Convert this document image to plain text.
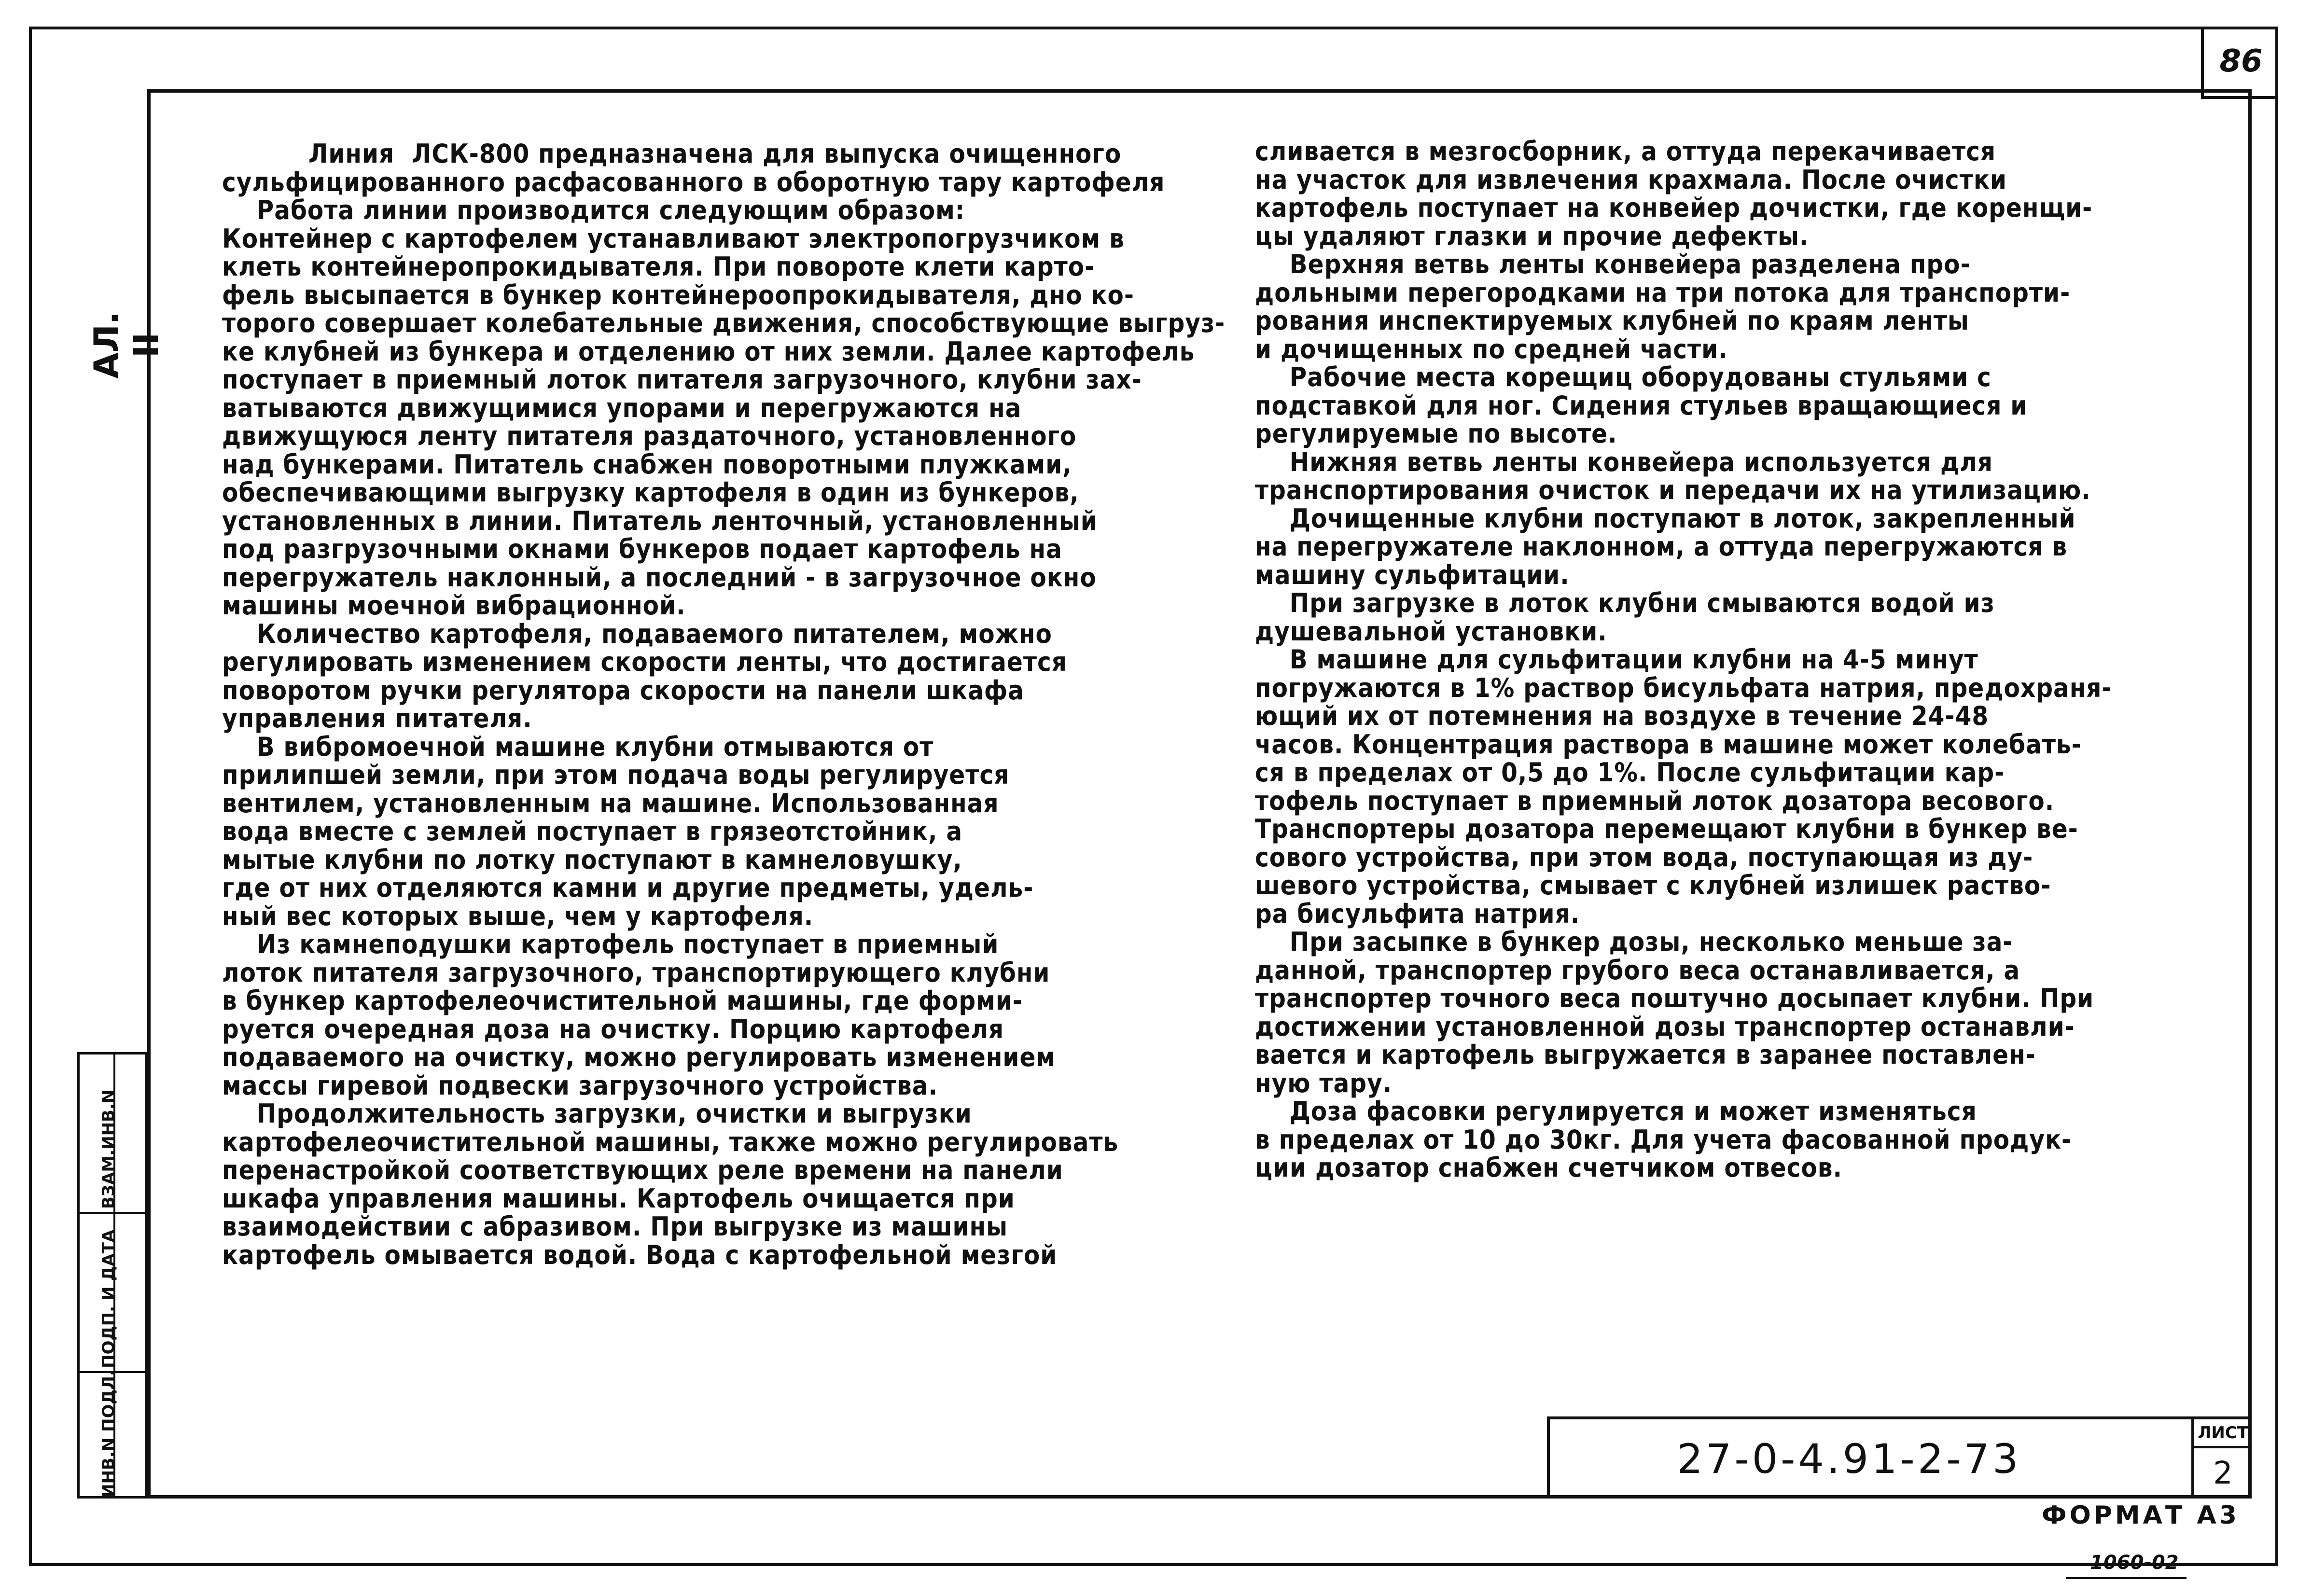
86
АЛ. II
ВЗАМ.ИНВ.N
ПОДП. И ДАТА
ИНВ.N ПОДЛ.

Линия  ЛСК-800 предназначена для выпуска очищенного

сульфицированного расфасованного в оборотную тару картофеля

Работа линии производится следующим образом:

Контейнер с картофелем устанавливают электропогрузчиком в

клеть контейнеропрокидывателя. При повороте клети карто-

фель высыпается в бункер контейнероопрокидывателя, дно ко-

торого совершает колебательные движения, способствующие выгруз-

ке клубней из бункера и отделению от них земли. Далее картофель

поступает в приемный лоток питателя загрузочного, клубни зах-

ватываются движущимися упорами и перегружаются на

движущуюся ленту питателя раздаточного, установленного

над бункерами. Питатель снабжен поворотными плужками,

обеспечивающими выгрузку картофеля в один из бункеров,

установленных в линии. Питатель ленточный, установленный

под разгрузочными окнами бункеров подает картофель на

перегружатель наклонный, а последний - в загрузочное окно

машины моечной вибрационной.

Количество картофеля, подаваемого питателем, можно

регулировать изменением скорости ленты, что достигается

поворотом ручки регулятора скорости на панели шкафа

управления питателя.

В вибромоечной машине клубни отмываются от

прилипшей земли, при этом подача воды регулируется

вентилем, установленным на машине. Использованная

вода вместе с землей поступает в грязеотстойник, а

мытые клубни по лотку поступают в камнеловушку,

где от них отделяются камни и другие предметы, удель-

ный вес которых выше, чем у картофеля.

Из камнеподушки картофель поступает в приемный

лоток питателя загрузочного, транспортирующего клубни

в бункер картофелеочистительной машины, где форми-

руется очередная доза на очистку. Порцию картофеля

подаваемого на очистку, можно регулировать изменением

массы гиревой подвески загрузочного устройства.

Продолжительность загрузки, очистки и выгрузки

картофелеочистительной машины, также можно регулировать

перенастройкой соответствующих реле времени на панели

шкафа управления машины. Картофель очищается при

взаимодействии с абразивом. При выгрузке из машины

картофель омывается водой. Вода с картофельной мезгой

сливается в мезгосборник, а оттуда перекачивается

на участок для извлечения крахмала. После очистки

картофель поступает на конвейер дочистки, где коренщи-

цы удаляют глазки и прочие дефекты.

Верхняя ветвь ленты конвейера разделена про-

дольными перегородками на три потока для транспорти-

рования инспектируемых клубней по краям ленты

и дочищенных по средней части.

Рабочие места корещиц оборудованы стульями с

подставкой для ног. Сидения стульев вращающиеся и

регулируемые по высоте.

Нижняя ветвь ленты конвейера используется для

транспортирования очисток и передачи их на утилизацию.

Дочищенные клубни поступают в лоток, закрепленный

на перегружателе наклонном, а оттуда перегружаются в

машину сульфитации.

При загрузке в лоток клубни смываются водой из

душевальной установки.

В машине для сульфитации клубни на 4-5 минут

погружаются в 1% раствор бисульфата натрия, предохраня-

ющий их от потемнения на воздухе в течение 24-48

часов. Концентрация раствора в машине может колебать-

ся в пределах от 0,5 до 1%. После сульфитации кар-

тофель поступает в приемный лоток дозатора весового.

Транспортеры дозатора перемещают клубни в бункер ве-

сового устройства, при этом вода, поступающая из ду-

шевого устройства, смывает с клубней излишек раство-

ра бисульфита натрия.

При засыпке в бункер дозы, несколько меньше за-

данной, транспортер грубого веса останавливается, а

транспортер точного веса поштучно досыпает клубни. При

достижении установленной дозы транспортер останавли-

вается и картофель выгружается в заранее поставлен-

ную тару.

Доза фасовки регулируется и может изменяться

в пределах от 10 до 30кг. Для учета фасованной продук-

ции дозатор снабжен счетчиком отвесов.

27-0-4.91-2-73
ЛИСТ
2
ФОРМАТ А3
1060-02
